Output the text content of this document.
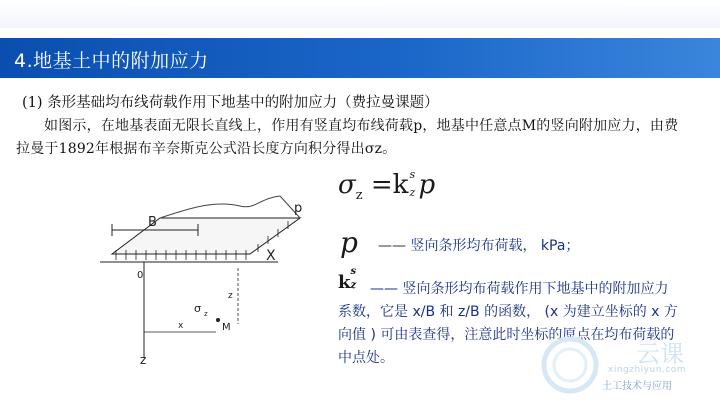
4.地基土中的附加应力
(1) 条形基础均布线荷载作用下地基中的附加应力（费拉曼课题）
如图示，在地基表面无限长直线上，作用有竖直均布线荷载p，地基中任意点M的竖向附加应力，由费拉曼于1892年根据布辛奈斯克公式沿长度方向积分得出σz。
$\sigma_z =k$ s
z p
p —— 竖向条形均布荷载， kPa；
k
s
z —— 竖向条形均布荷载作用下地基中的附加应力系数，它是 x/B 和 z/B 的函数， (x 为建立坐标的 x 方向值 ) 可由表查得，注意此时坐标的原点在均布荷载的中点处。
B
X
p
0
z
z
x
σ z
M
云课
xingzhiyun.com
土工技术与应用
